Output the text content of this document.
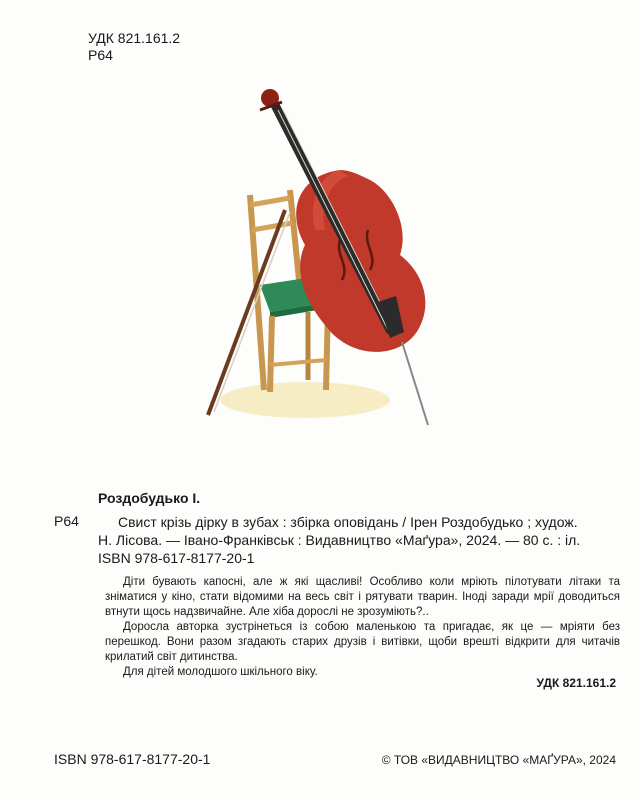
УДК 821.161.2
Р64
Роздобудько І.
Р64	Свист крізь дірку в зубах : збірка оповідань / Ірен Роздобудько ; худож.
Н. Лісова. — Івано-Франківськ : Видавництво «Маґура», 2024. — 80 с. : іл.
ISBN 978-617-8177-20-1

Діти бувають капосні, але ж які щасливі! Особливо коли мріють пілотувати літаки та зніматися у кіно, стати відомими на весь світ і рятувати тварин. Іноді заради мрії доводиться втнути щось надзвичайне. Але хіба дорослі не зрозуміють?..

Доросла авторка зустрінеться із собою маленькою та пригадає, як це — мріяти без перешкод. Вони разом згадають старих друзів і витівки, щоби врешті відкрити для читачів крилатий світ дитинства.

Для дітей молодшого шкільного віку.

УДК 821.161.2
ISBN 978-617-8177-20-1	© ТОВ «ВИДАВНИЦТВО «МАҐУРА», 2024
